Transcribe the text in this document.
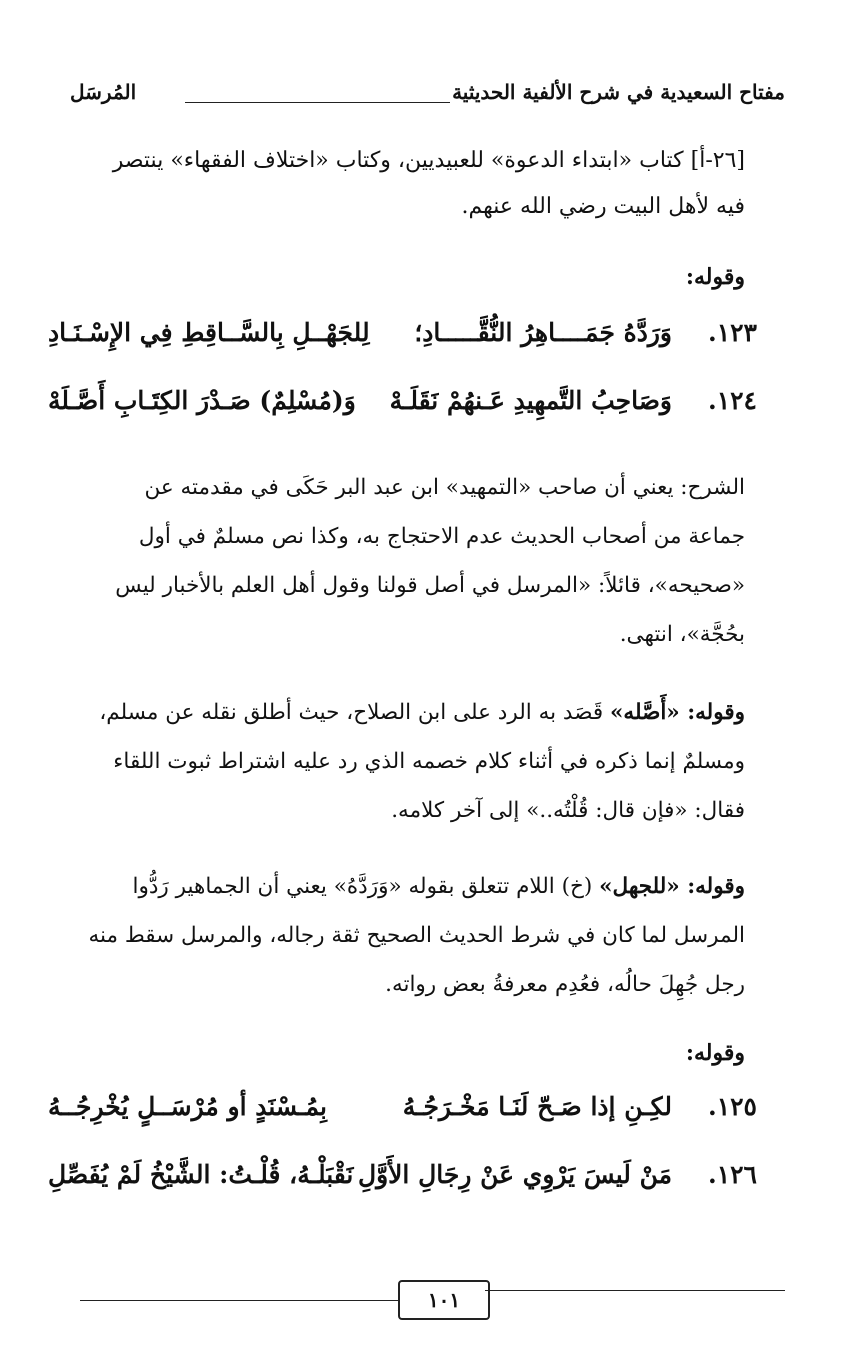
مفتاح السعيدية في شرح الألفية الحديثية
المُرسَل
[٢٦-أ] كتاب «ابتداء الدعوة» للعبيديين، وكتاب «اختلاف الفقهاء» ينتصر
فيه لأهل البيت رضي الله عنهم.
وقوله:
١٢٣.
وَرَدَّهُ جَمَــــاهِرُ النُّقَّـــــادِ؛
لِلجَهْــلِ بِالسَّــاقِطِ فِي الإِسْـنَـادِ
١٢٤.
وَصَاحِبُ التَّمهِيدِ عَـنهُمْ نَقَلَـهْ
وَ(مُسْلِمٌ) صَـدْرَ الكِتَـابِ أَصَّـلَهْ
الشرح: يعني أن صاحب «التمهيد» ابن عبد البر حَكَى في مقدمته عن
جماعة من أصحاب الحديث عدم الاحتجاج به، وكذا نص مسلمٌ في أول
«صحيحه»، قائلاً: «المرسل في أصل قولنا وقول أهل العلم بالأخبار ليس
بحُجَّة»، انتهى.
وقوله: «أَصَّله» قَصَد به الرد على ابن الصلاح، حيث أطلق نقله عن مسلم،
ومسلمٌ إنما ذكره في أثناء كلام خصمه الذي رد عليه اشتراط ثبوت اللقاء
فقال: «فإن قال: قُلْتُه..» إلى آخر كلامه.
وقوله: «للجهل» (خ) اللام تتعلق بقوله «وَرَدَّهُ» يعني أن الجماهير رَدُّوا
المرسل لما كان في شرط الحديث الصحيح ثقة رجاله، والمرسل سقط منه
رجل جُهِلَ حالُه، فعُدِم معرفةُ بعض رواته.
وقوله:
١٢٥.
لكِـنِ إذا صَـحّ لَنَـا مَخْـرَجُـهُ
بِمُـسْنَدٍ أو مُرْسَــلٍ يُخْرِجُــهُ
١٢٦.
مَنْ لَيسَ يَرْوِي عَنْ رِجَالِ الأَوَّلِ
نَقْبَلْـهُ، قُلْـتُ: الشَّيْخُ لَمْ يُفَصِّلِ
١٠١
